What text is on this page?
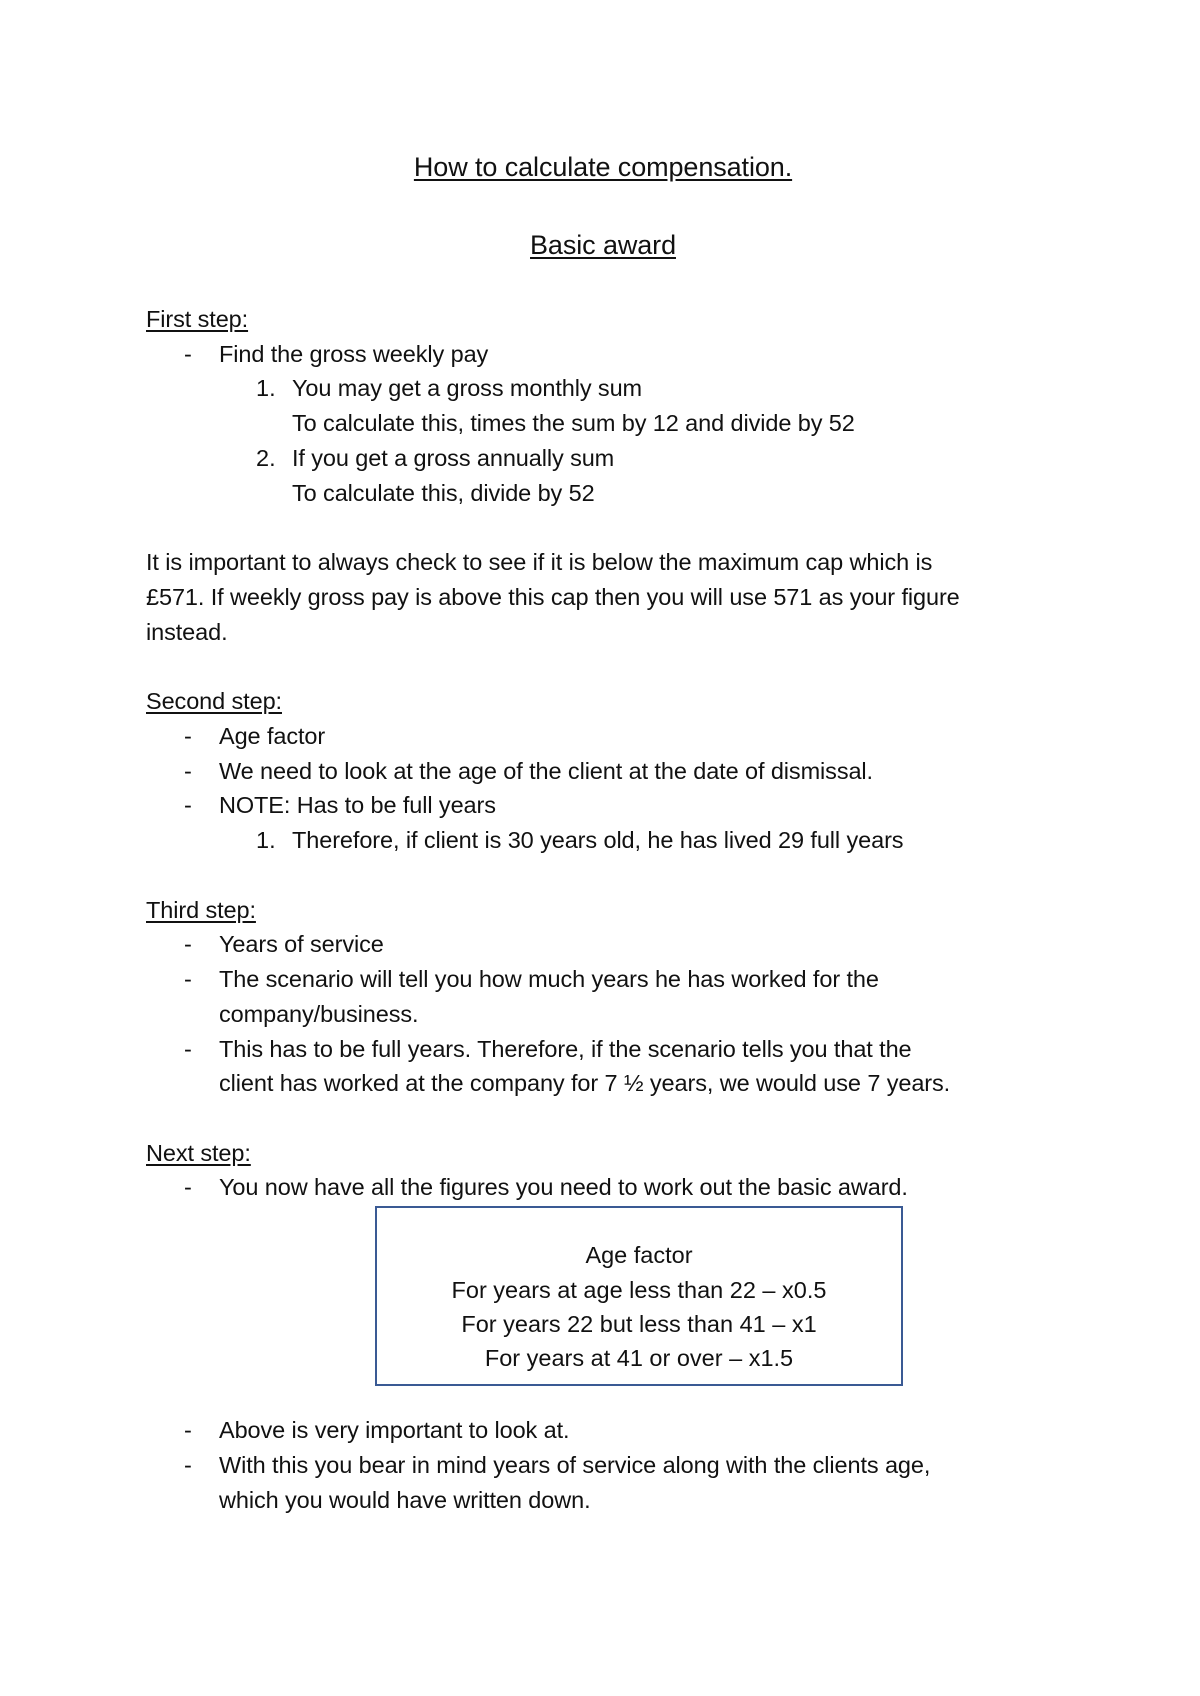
How to calculate compensation.
Basic award
First step:
- Find the gross weekly pay
1. You may get a gross monthly sum
To calculate this, times the sum by 12 and divide by 52
2. If you get a gross annually sum
To calculate this, divide by 52
It is important to always check to see if it is below the maximum cap which is
£571. If weekly gross pay is above this cap then you will use 571 as your figure
instead.
Second step:
- Age factor
- We need to look at the age of the client at the date of dismissal.
- NOTE: Has to be full years
1. Therefore, if client is 30 years old, he has lived 29 full years
Third step:
- Years of service
- The scenario will tell you how much years he has worked for the
company/business.
- This has to be full years. Therefore, if the scenario tells you that the
client has worked at the company for 7 ½ years, we would use 7 years.
Next step:
- You now have all the figures you need to work out the basic award.
Age factor
For years at age less than 22 – x0.5
For years 22 but less than 41 – x1
For years at 41 or over – x1.5
- Above is very important to look at.
- With this you bear in mind years of service along with the clients age,
which you would have written down.
